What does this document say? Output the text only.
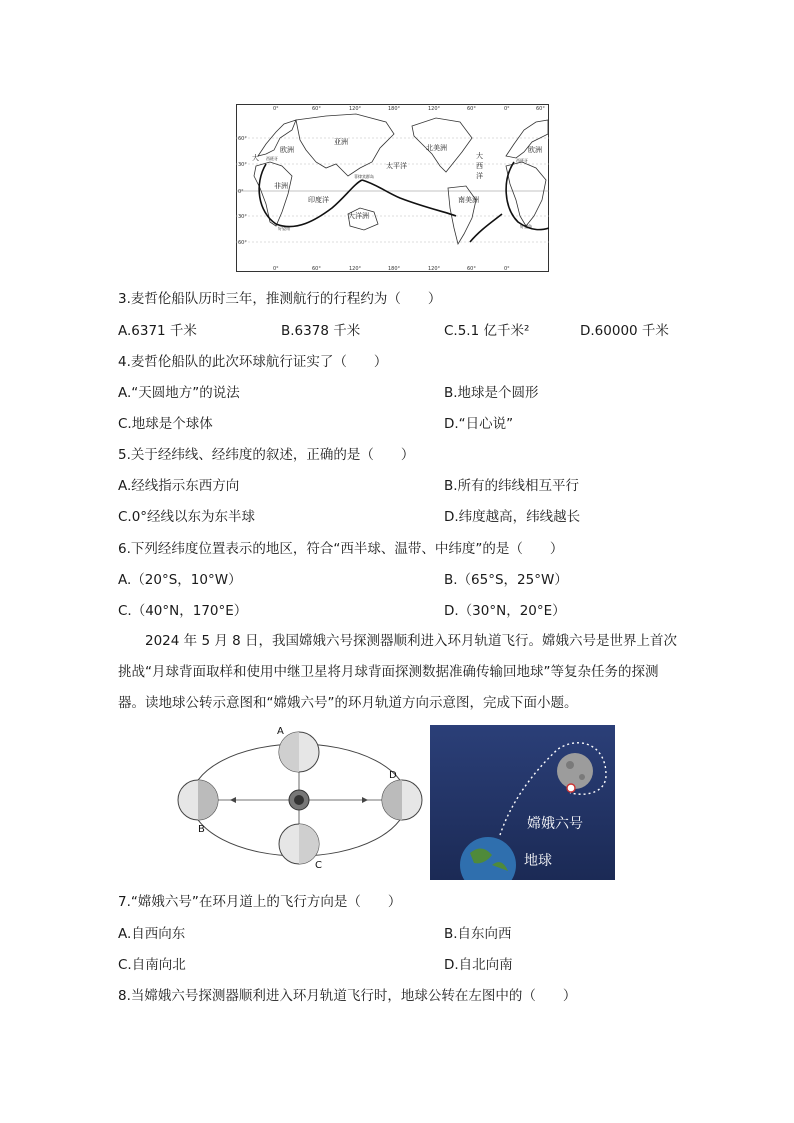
60°
30°
0°
30°
60°
0°	60°	120°	180°	120°	60°	0°	60°
0°	60°	120°	180°	120°	60°	0°
欧洲
大
非洲
亚洲
印度洋
大洋洲
太平洋
北美洲
大西洋
南美洲
欧洲
西班牙	西班牙
菲律宾群岛
好望角	好望角
3.麦哲伦船队历时三年，推测航行的行程约为（　　）
A.6371 千米	B.6378 千米	C.5.1 亿千米²	D.60000 千米
4.麦哲伦船队的此次环球航行证实了（　　）
A.“天圆地方”的说法	B.地球是个圆形
C.地球是个球体	D.“日心说”
5.关于经纬线、经纬度的叙述，正确的是（　　）
A.经线指示东西方向	B.所有的纬线相互平行
C.0°经线以东为东半球	D.纬度越高，纬线越长
6.下列经纬度位置表示的地区，符合“西半球、温带、中纬度”的是（　　）
A.（20°S，10°W）	B.（65°S，25°W）
C.（40°N，170°E）	D.（30°N，20°E）
2024 年 5 月 8 日，我国嫦娥六号探测器顺利进入环月轨道飞行。嫦娥六号是世界上首次挑战“月球背面取样和使用中继卫星将月球背面探测数据准确传输回地球”等复杂任务的探测器。读地球公转示意图和“嫦娥六号”的环月轨道方向示意图，完成下面小题。
A
B
C
D
嫦娥六号
地球
7.“嫦娥六号”在环月道上的飞行方向是（　　）
A.自西向东	B.自东向西
C.自南向北	D.自北向南
8.当嫦娥六号探测器顺利进入环月轨道飞行时，地球公转在左图中的（　　）
